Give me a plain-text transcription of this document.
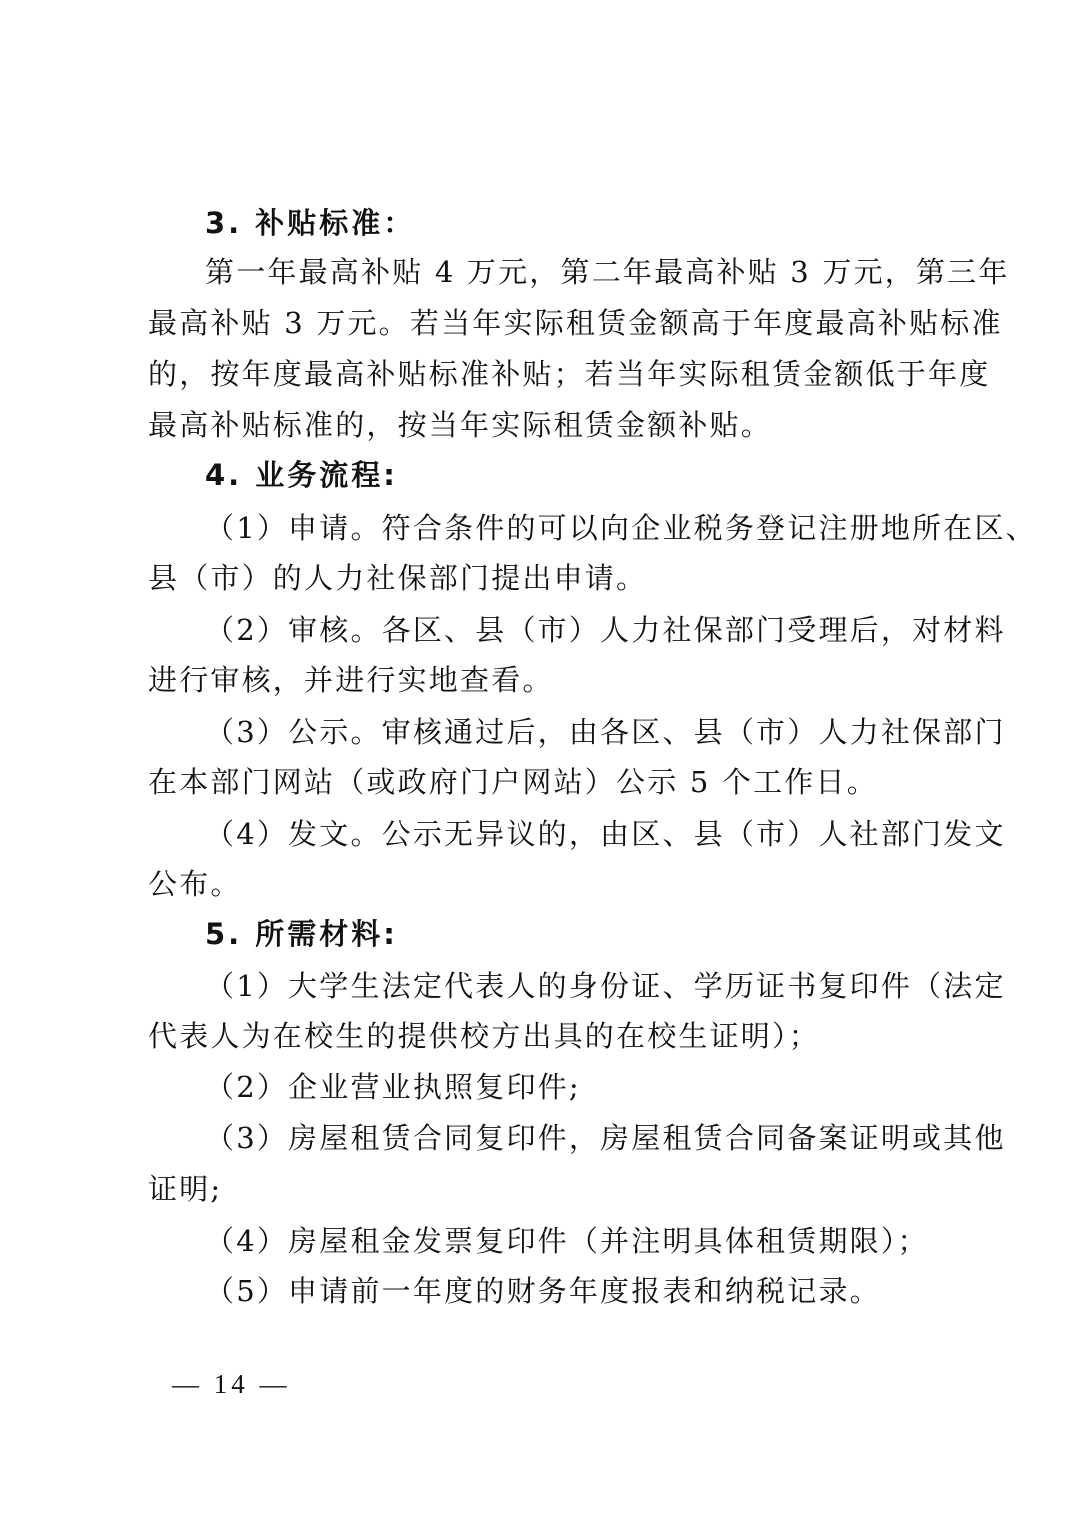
3. 补贴标准：
第一年最高补贴 4 万元，第二年最高补贴 3 万元，第三年
最高补贴 3 万元。若当年实际租赁金额高于年度最高补贴标准
的，按年度最高补贴标准补贴；若当年实际租赁金额低于年度
最高补贴标准的，按当年实际租赁金额补贴。
4. 业务流程:
（1）申请。符合条件的可以向企业税务登记注册地所在区、
县（市）的人力社保部门提出申请。
（2）审核。各区、县（市）人力社保部门受理后，对材料
进行审核，并进行实地查看。
（3）公示。审核通过后，由各区、县（市）人力社保部门
在本部门网站（或政府门户网站）公示 5 个工作日。
（4）发文。公示无异议的，由区、县（市）人社部门发文
公布。
5. 所需材料:
（1）大学生法定代表人的身份证、学历证书复印件（法定
代表人为在校生的提供校方出具的在校生证明）；
（2）企业营业执照复印件;
（3）房屋租赁合同复印件，房屋租赁合同备案证明或其他
证明;
（4）房屋租金发票复印件（并注明具体租赁期限）；
（5）申请前一年度的财务年度报表和纳税记录。
— 14 —
